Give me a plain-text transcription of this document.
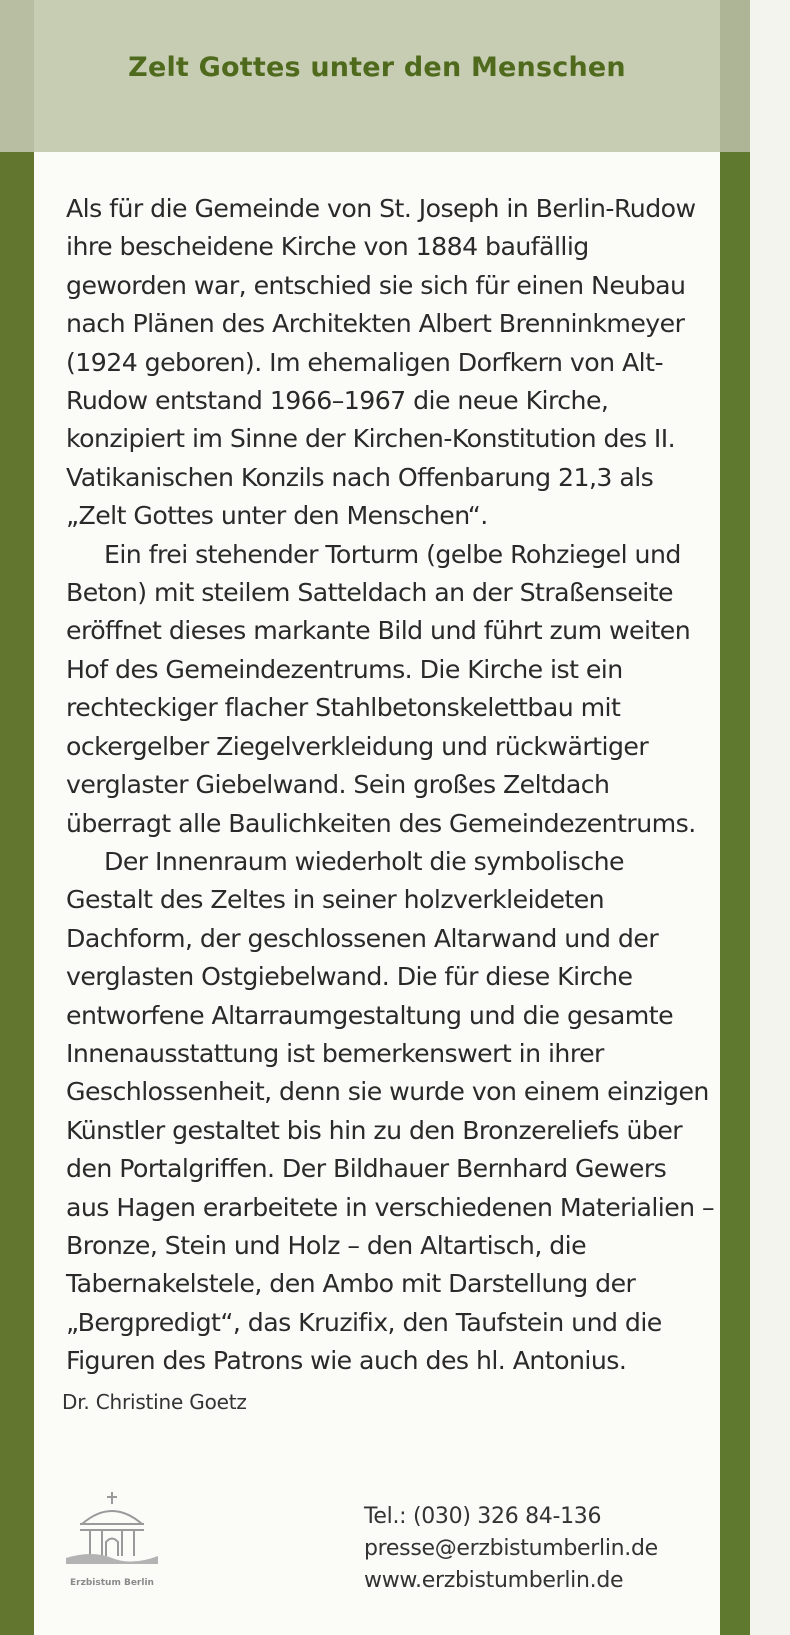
Zelt Gottes unter den Menschen

Als für die Gemeinde von St. Joseph in Berlin-Rudow ihre bescheidene Kirche von 1884 baufällig geworden war, entschied sie sich für einen Neubau nach Plänen des Architekten Albert Brenninkmeyer (1924 geboren). Im ehemaligen Dorfkern von Alt-Rudow entstand 1966–1967 die neue Kirche, konzipiert im Sinne der Kirchen-Konstitution des II. Vatikanischen Konzils nach Offenbarung 21,3 als „Zelt Gottes unter den Menschen“.

Ein frei stehender Torturm (gelbe Rohziegel und Beton) mit steilem Satteldach an der Straßenseite eröffnet dieses markante Bild und führt zum weiten Hof des Gemeindezentrums. Die Kirche ist ein rechteckiger flacher Stahlbetonskelettbau mit ockergelber Ziegelverkleidung und rückwärtiger verglaster Giebelwand. Sein großes Zeltdach überragt alle Baulichkeiten des Gemeindezentrums.

Der Innenraum wiederholt die symbolische Gestalt des Zeltes in seiner holzverkleideten Dachform, der geschlossenen Altarwand und der verglasten Ostgiebelwand. Die für diese Kirche entworfene Altarraumgestaltung und die gesamte Innenausstattung ist bemerkenswert in ihrer Geschlossenheit, denn sie wurde von einem einzigen Künstler gestaltet bis hin zu den Bronzereliefs über den Portalgriffen. Der Bildhauer Bernhard Gewers aus Hagen erarbeitete in verschiedenen Materialien – Bronze, Stein und Holz – den Altartisch, die Tabernakelstele, den Ambo mit Darstellung der „Bergpredigt“, das Kruzifix, den Taufstein und die Figuren des Patrons wie auch des hl. Antonius.

Dr. Christine Goetz
Erzbistum Berlin
Tel.: (030) 326 84-136
presse@erzbistumberlin.de
www.erzbistumberlin.de
